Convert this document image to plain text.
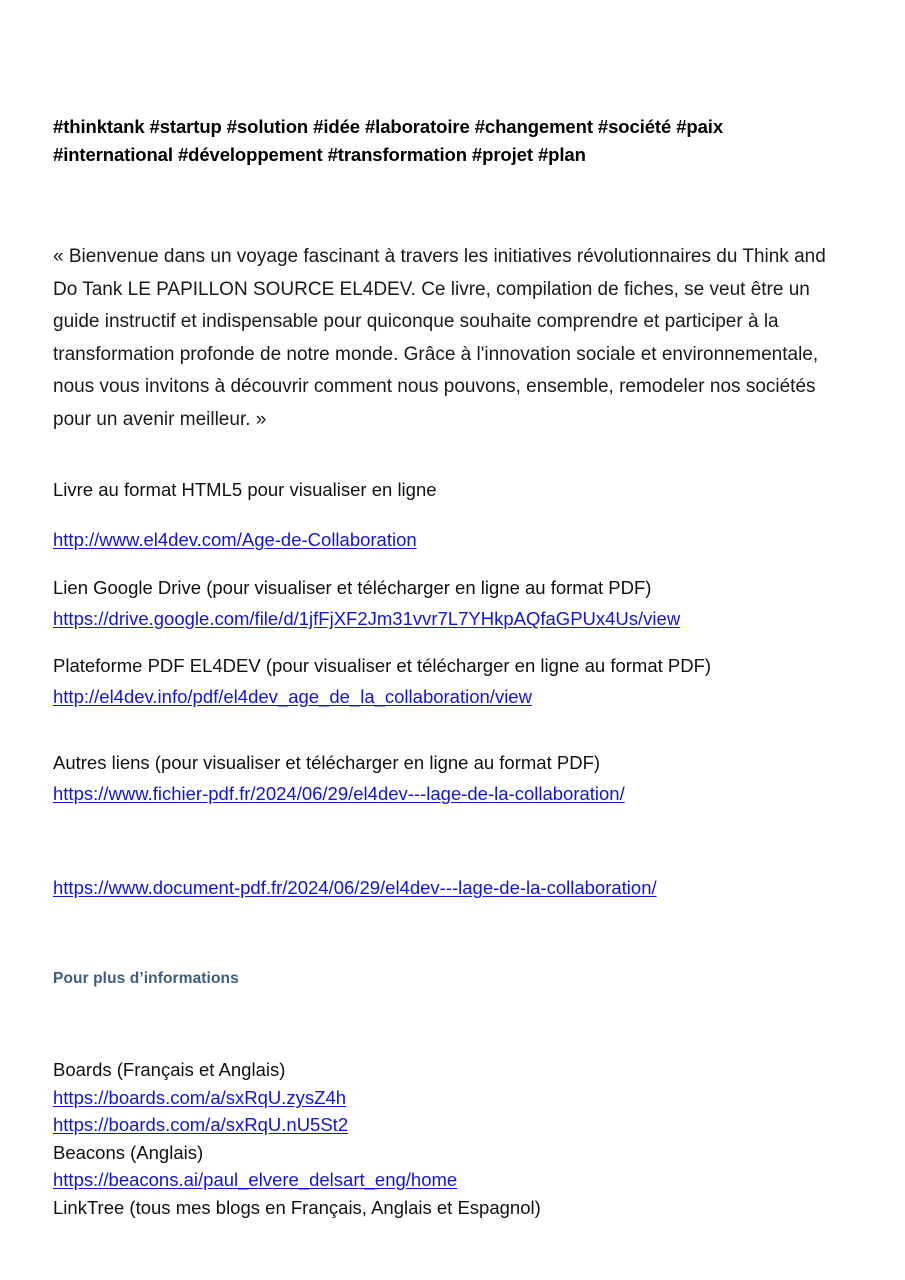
#thinktank #startup #solution #idée #laboratoire #changement #société #paix
#international #développement #transformation #projet #plan

« Bienvenue dans un voyage fascinant à travers les initiatives révolutionnaires du Think and Do Tank LE PAPILLON SOURCE EL4DEV. Ce livre, compilation de fiches, se veut être un guide instructif et indispensable pour quiconque souhaite comprendre et participer à la transformation profonde de notre monde. Grâce à l'innovation sociale et environnementale, nous vous invitons à découvrir comment nous pouvons, ensemble, remodeler nos sociétés pour un avenir meilleur. »

Livre au format HTML5 pour visualiser en ligne
http://www.el4dev.com/Age-de-Collaboration
Lien Google Drive (pour visualiser et télécharger en ligne au format PDF)
https://drive.google.com/file/d/1jfFjXF2Jm31vvr7L7YHkpAQfaGPUx4Us/view
Plateforme PDF EL4DEV (pour visualiser et télécharger en ligne au format PDF)
http://el4dev.info/pdf/el4dev_age_de_la_collaboration/view
Autres liens (pour visualiser et télécharger en ligne au format PDF)
https://www.fichier-pdf.fr/2024/06/29/el4dev---lage-de-la-collaboration/
https://www.document-pdf.fr/2024/06/29/el4dev---lage-de-la-collaboration/
Pour plus d’informations
Boards (Français et Anglais)
https://boards.com/a/sxRqU.zysZ4h
https://boards.com/a/sxRqU.nU5St2
Beacons (Anglais)
https://beacons.ai/paul_elvere_delsart_eng/home
LinkTree (tous mes blogs en Français, Anglais et Espagnol)
